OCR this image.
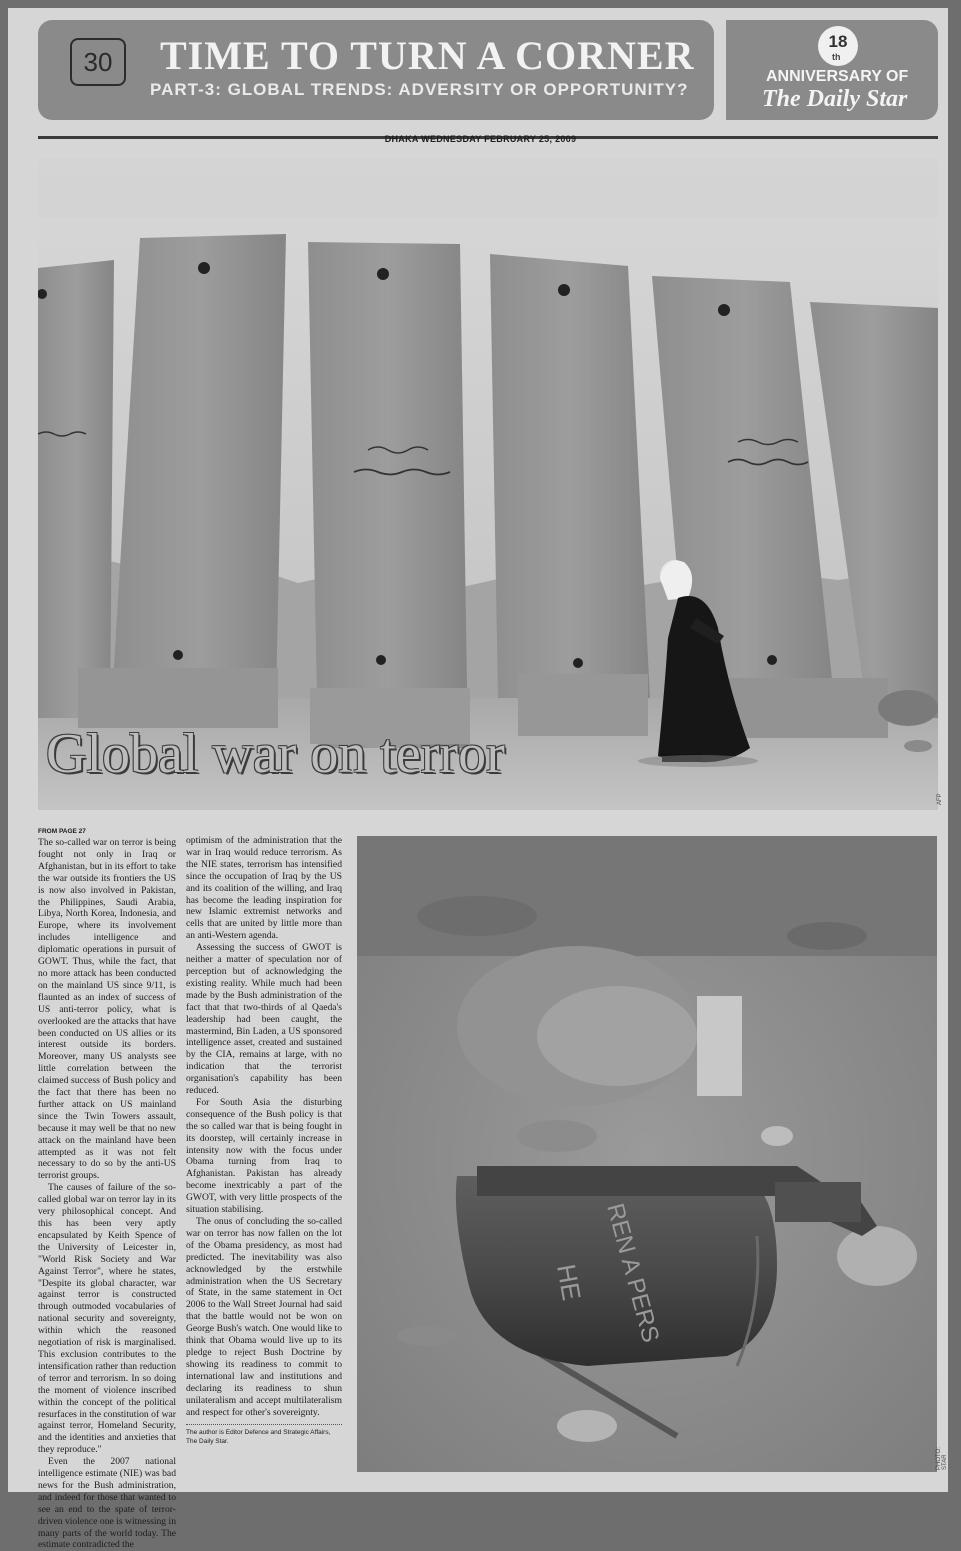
30	TIME TO TURN A CORNER
PART-3: GLOBAL TRENDS: ADVERSITY OR OPPORTUNITY?
18
th
ANNIVERSARY OF
The Daily Star
DHAKA WEDNESDAY FEBRUARY 25, 2009
Global war on terror
AFP
FROM PAGE 27

The so-called war on terror is being fought not only in Iraq or Afghanistan, but in its effort to take the war outside its frontiers the US is now also involved in Pakistan, the Philippines, Saudi Arabia, Libya, North Korea, Indonesia, and Europe, where its involvement includes intelligence and diplomatic operations in pursuit of GOWT. Thus, while the fact, that no more attack has been conducted on the mainland US since 9/11, is flaunted as an index of success of US anti-terror policy, what is overlooked are the attacks that have been conducted on US allies or its interest outside its borders. Moreover, many US analysts see little correlation between the claimed success of Bush policy and the fact that there has been no further attack on US mainland since the Twin Towers assault, because it may well be that no new attack on the mainland have been attempted as it was not felt necessary to do so by the anti-US terrorist groups.

The causes of failure of the so-called global war on terror lay in its very philosophical concept. And this has been very aptly encapsulated by Keith Spence of the University of Leicester in, "World Risk Society and War Against Terror", where he states, "Despite its global character, war against terror is constructed through outmoded vocabularies of national security and sovereignty, within which the reasoned negotiation of risk is marginalised. This exclusion contributes to the intensification rather than reduction of terror and terrorism. In so doing the moment of violence inscribed within the concept of the political resurfaces in the constitution of war against terror, Homeland Security, and the identities and anxieties that they reproduce."

Even the 2007 national intelligence estimate (NIE) was bad news for the Bush administration, and indeed for those that wanted to see an end to the spate of terror-driven violence one is witnessing in many parts of the world today. The estimate contradicted the

optimism of the administration that the war in Iraq would reduce terrorism. As the NIE states, terrorism has intensified since the occupation of Iraq by the US and its coalition of the willing, and Iraq has become the leading inspiration for new Islamic extremist networks and cells that are united by little more than an anti-Western agenda.

Assessing the success of GWOT is neither a matter of speculation nor of perception but of acknowledging the existing reality. While much had been made by the Bush administration of the fact that that two-thirds of al Qaeda's leadership had been caught, the mastermind, Bin Laden, a US sponsored intelligence asset, created and sustained by the CIA, remains at large, with no indication that the terrorist organisation's capability has been reduced.

For South Asia the disturbing consequence of the Bush policy is that the so called war that is being fought in its doorstep, will certainly increase in intensity now with the focus under Obama turning from Iraq to Afghanistan. Pakistan has already become inextricably a part of the GWOT, with very little prospects of the situation stabilising.

The onus of concluding the so-called war on terror has now fallen on the lot of the Obama presidency, as most had predicted. The inevitability was also acknowledged by the erstwhile administration when the US Secretary of State, in the same statement in Oct 2006 to the Wall Street Journal had said that the battle would not be won on George Bush's watch. One would like to think that Obama would live up to its pledge to reject Bush Doctrine by showing its readiness to commit to international law and institutions and declaring its readiness to shun unilateralism and accept multilateralism and respect for other's sovereignty.

The author is Editor Defence and Strategic Affairs, The Daily Star.
HE REN A PERS
PHOTO: STAR
